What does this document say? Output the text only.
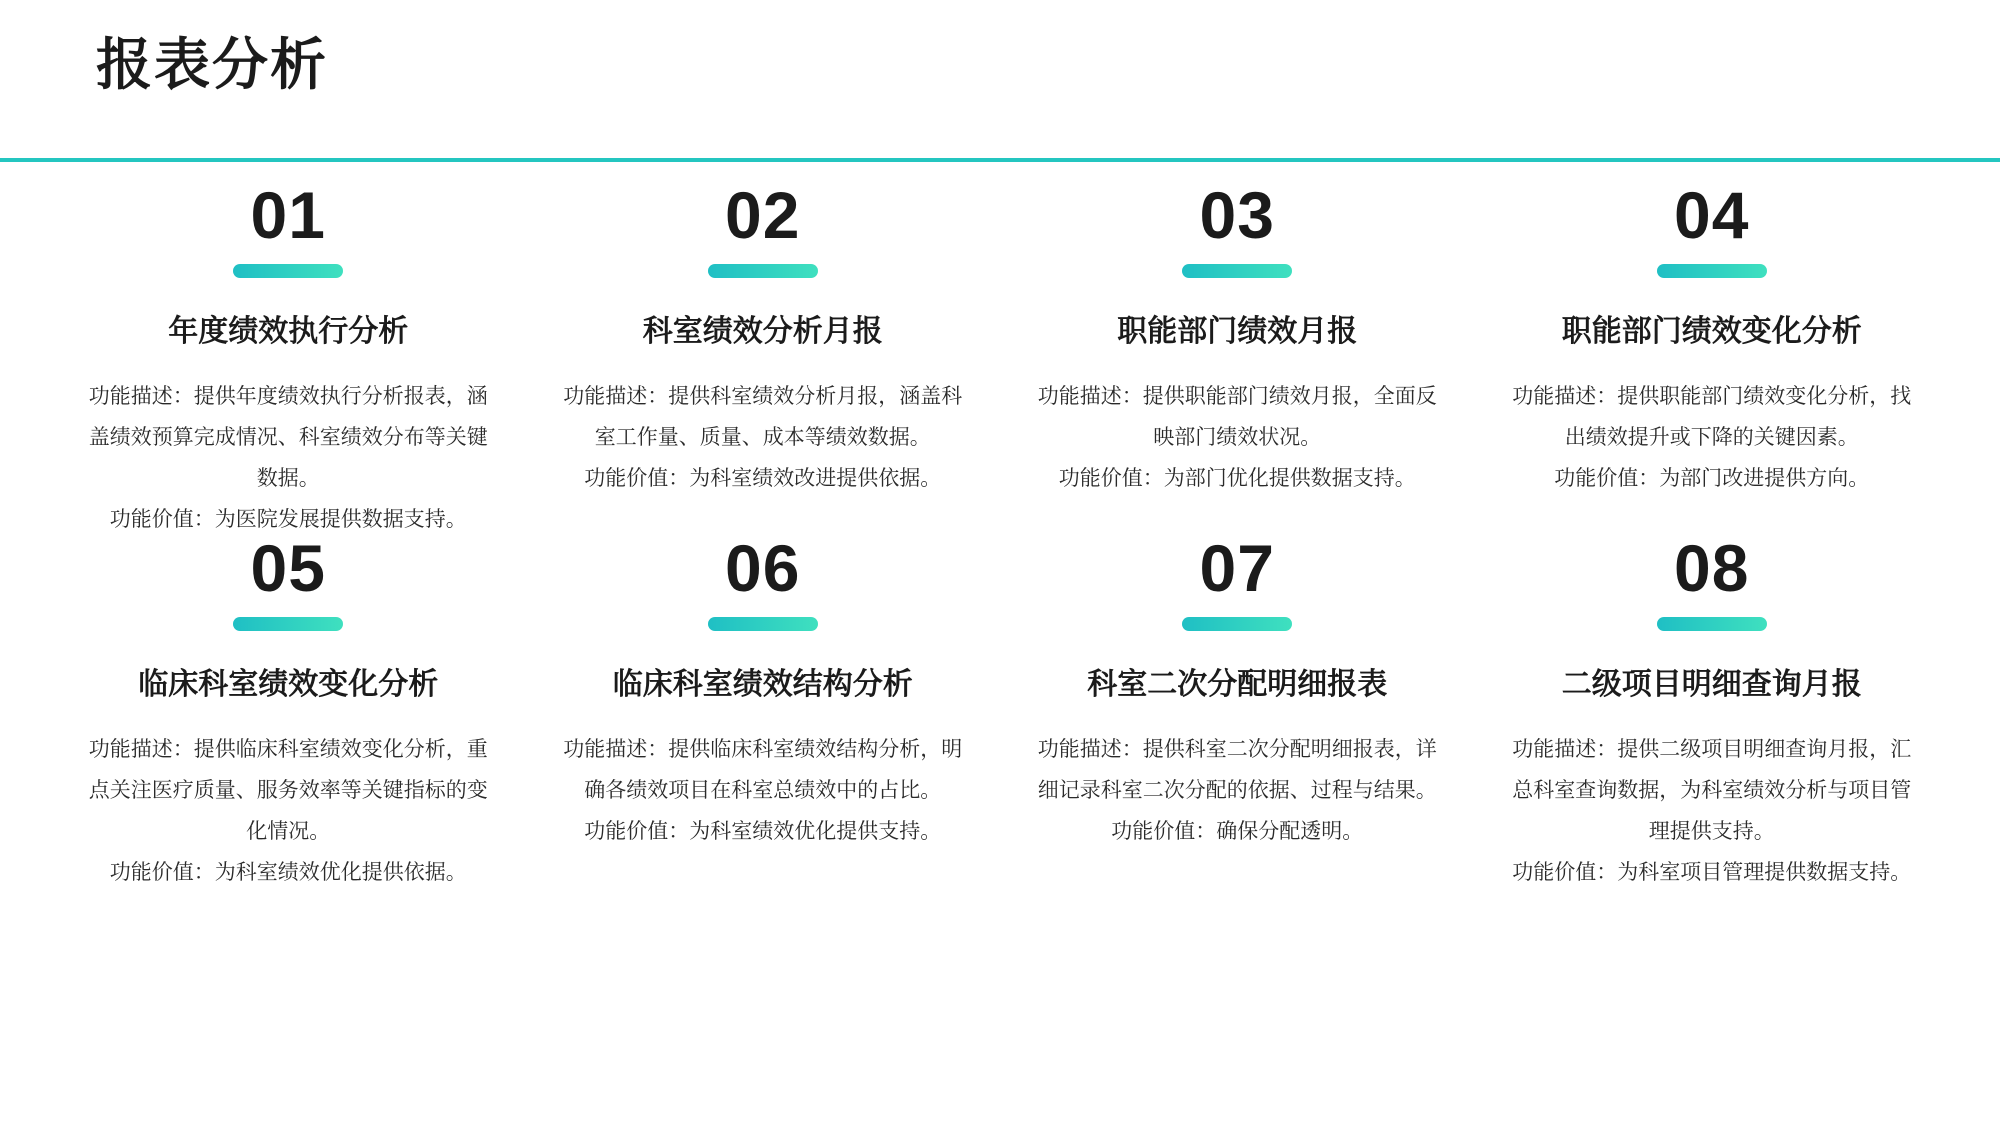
报表分析
01
年度绩效执行分析

功能描述：提供年度绩效执行分析报表，涵盖绩效预算完成情况、科室绩效分布等关键数据。

功能价值：为医院发展提供数据支持。

02
科室绩效分析月报

功能描述：提供科室绩效分析月报，涵盖科室工作量、质量、成本等绩效数据。

功能价值：为科室绩效改进提供依据。

03
职能部门绩效月报

功能描述：提供职能部门绩效月报，全面反映部门绩效状况。

功能价值：为部门优化提供数据支持。

04
职能部门绩效变化分析

功能描述：提供职能部门绩效变化分析，找出绩效提升或下降的关键因素。

功能价值：为部门改进提供方向。

05
临床科室绩效变化分析

功能描述：提供临床科室绩效变化分析，重点关注医疗质量、服务效率等关键指标的变化情况。

功能价值：为科室绩效优化提供依据。

06
临床科室绩效结构分析

功能描述：提供临床科室绩效结构分析，明确各绩效项目在科室总绩效中的占比。

功能价值：为科室绩效优化提供支持。

07
科室二次分配明细报表

功能描述：提供科室二次分配明细报表，详细记录科室二次分配的依据、过程与结果。

功能价值：确保分配透明。

08
二级项目明细查询月报

功能描述：提供二级项目明细查询月报，汇总科室查询数据，为科室绩效分析与项目管理提供支持。

功能价值：为科室项目管理提供数据支持。
